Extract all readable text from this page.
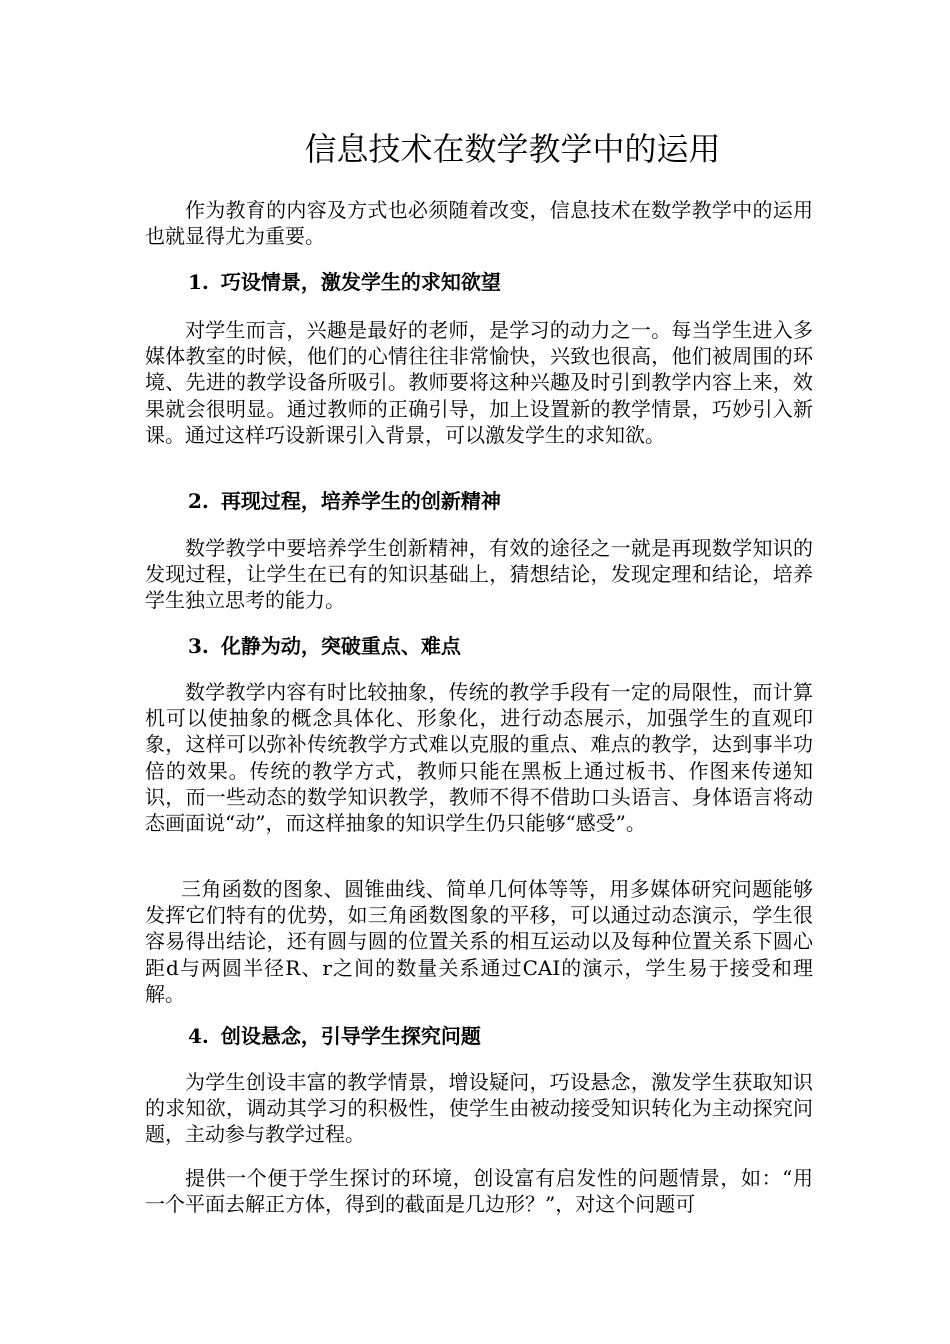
信息技术在数学教学中的运用

作为教育的内容及方式也必须随着改变，信息技术在数学教学中的运用也就显得尤为重要。

1. 巧设情景，激发学生的求知欲望

对学生而言，兴趣是最好的老师，是学习的动力之一。每当学生进入多媒体教室的时候，他们的心情往往非常愉快，兴致也很高，他们被周围的环境、先进的教学设备所吸引。教师要将这种兴趣及时引到教学内容上来，效果就会很明显。通过教师的正确引导，加上设置新的教学情景，巧妙引入新课。通过这样巧设新课引入背景，可以激发学生的求知欲。

2. 再现过程，培养学生的创新精神

数学教学中要培养学生创新精神，有效的途径之一就是再现数学知识的发现过程，让学生在已有的知识基础上，猜想结论，发现定理和结论，培养学生独立思考的能力。

3. 化静为动，突破重点、难点

数学教学内容有时比较抽象，传统的教学手段有一定的局限性，而计算机可以使抽象的概念具体化、形象化，进行动态展示，加强学生的直观印象，这样可以弥补传统教学方式难以克服的重点、难点的教学，达到事半功倍的效果。传统的教学方式，教师只能在黑板上通过板书、作图来传递知识，而一些动态的数学知识教学，教师不得不借助口头语言、身体语言将动态画面说“动”，而这样抽象的知识学生仍只能够“感受”。

三角函数的图象、圆锥曲线、简单几何体等等，用多媒体研究问题能够发挥它们特有的优势，如三角函数图象的平移，可以通过动态演示，学生很容易得出结论，还有圆与圆的位置关系的相互运动以及每种位置关系下圆心距d与两圆半径R、r之间的数量关系通过CAI的演示，学生易于接受和理解。

4. 创设悬念，引导学生探究问题

为学生创设丰富的教学情景，增设疑问，巧设悬念，激发学生获取知识的求知欲，调动其学习的积极性，使学生由被动接受知识转化为主动探究问题，主动参与教学过程。

提供一个便于学生探讨的环境，创设富有启发性的问题情景，如：“用一个平面去解正方体，得到的截面是几边形？”，对这个问题可
